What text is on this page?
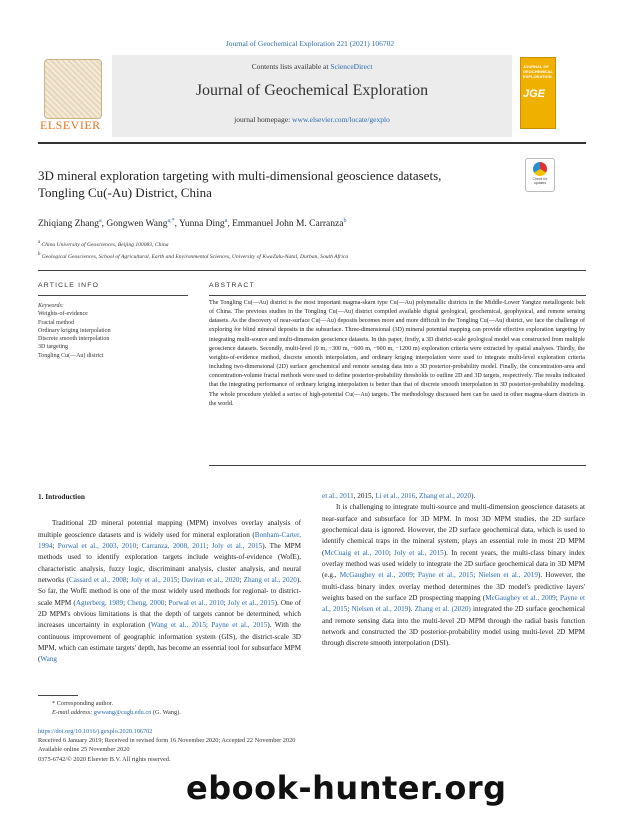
Journal of Geochemical Exploration 221 (2021) 106702
ELSEVIER
Contents lists available at ScienceDirect
Journal of Geochemical Exploration
journal homepage: www.elsevier.com/locate/gexplo
JOURNAL OF GEOCHEMICAL EXPLORATION
JGE
3D mineral exploration targeting with multi-dimensional geoscience datasets, Tongling Cu(-Au) District, China
Check for updates
Zhiqiang Zhang$^a$, Gongwen Wang$^{a,*}$, Yunna Ding$^a$, Emmanuel John M. Carranza$^b$
$^a$ China University of Geosciences, Beijing 100083, China
$^b$ Geological Geosciences, School of Agricultural, Earth and Environmental Sciences, University of KwaZulu-Natal, Durban, South Africa
ARTICLE INFO	ABSTRACT
Keywords:
Weights-of-evidence
Fractal method
Ordinary kriging interpolation
Discrete smooth interpolation
3D targeting
Tongling Cu(—Au) district
The Tongling Cu(—Au) district is the most important magma-skarn type Cu(—Au) polymetallic districts in the Middle-Lower Yangtze metallogenic belt of China. The previous studies in the Tongling Cu(—Au) district compiled available digital geological, geochemical, geophysical, and remote sensing datasets. As the discovery of near-surface Cu(—Au) deposits becomes more and more difficult in the Tongling Cu(—Au) district, we face the challenge of exploring for blind mineral deposits in the subsurface. Three-dimensional (3D) mineral potential mapping can provide effective exploration targeting by integrating multi-source and multi-dimension geoscience datasets. In this paper, firstly, a 3D district-scale geological model was constructed from multiple geoscience datasets. Secondly, multi-level (0 m, −300 m, −600 m, −900 m, −1200 m) exploration criteria were extracted by spatial analyses. Thirdly, the weights-of-evidence method, discrete smooth interpolation, and ordinary kriging interpolation were used to integrate multi-level exploration criteria including two-dimensional (2D) surface geochemical and remote sensing data into a 3D posterior-probability model. Finally, the concentration-area and concentration-volume fractal methods were used to define posterior-probability thresholds to outline 2D and 3D targets, respectively. The results indicated that the integrating performance of ordinary kriging interpolation is better than that of discrete smooth interpolation in 3D posterior-probability modeling. The whole procedure yielded a series of high-potential Cu(—Au) targets. The methodology discussed here can be used in other magma-skarn districts in the world.
1. Introduction

Traditional 2D mineral potential mapping (MPM) involves overlay analysis of multiple geoscience datasets and is widely used for mineral exploration (Bonham-Carter, 1994; Porwal et al., 2003, 2010; Carranza, 2008, 2011; Joly et al., 2015). The MPM methods used to identify exploration targets include weights-of-evidence (WofE), characteristic analysis, fuzzy logic, discriminant analysis, cluster analysis, and neural networks (Cassard et al., 2008; Joly et al., 2015; Daviran et al., 2020; Zhang et al., 2020). So far, the WofE method is one of the most widely used methods for regional- to district-scale MPM (Agterberg, 1989; Cheng, 2000; Porwal et al., 2010; Joly et al., 2015). One of 2D MPM's obvious limitations is that the depth of targets cannot be determined, which increases uncertainty in exploration (Wang et al., 2015; Payne et al., 2015). With the continuous improvement of geographic information system (GIS), the district-scale 3D MPM, which can estimate targets' depth, has become an essential tool for subsurface MPM (Wang

et al., 2011, 2015, Li et al., 2016, Zhang et al., 2020).

It is challenging to integrate multi-source and multi-dimension geoscience datasets at near-surface and subsurface for 3D MPM. In most 3D MPM studies, the 2D surface geochemical data is ignored. However, the 2D surface geochemical data, which is used to identify chemical traps in the mineral system, plays an essential role in most 2D MPM (McCuaig et al., 2010; Joly et al., 2015). In recent years, the multi-class binary index overlay method was used widely to integrate the 2D surface geochemical data in 3D MPM (e.g., McGaughey et al., 2009; Payne et al., 2015; Nielsen et al., 2019). However, the multi-class binary index overlay method determines the 3D model's predictive layers' weights based on the surface 2D prospecting mapping (McGaughey et al., 2009; Payne et al., 2015; Nielsen et al., 2019). Zhang et al. (2020) integrated the 2D surface geochemical and remote sensing data into the multi-level 2D MPM through the radial basis function network and constructed the 3D posterior-probability model using multi-level 2D MPM through discrete smooth interpolation (DSI).

* Corresponding author.
E-mail address: gwwang@cugb.edu.cn (G. Wang).
https://doi.org/10.1016/j.gexplo.2020.106702
Received 6 January 2019; Received in revised form 16 November 2020; Accepted 22 November 2020
Available online 25 November 2020
0375-6742/© 2020 Elsevier B.V. All rights reserved.
ebook-hunter.org
